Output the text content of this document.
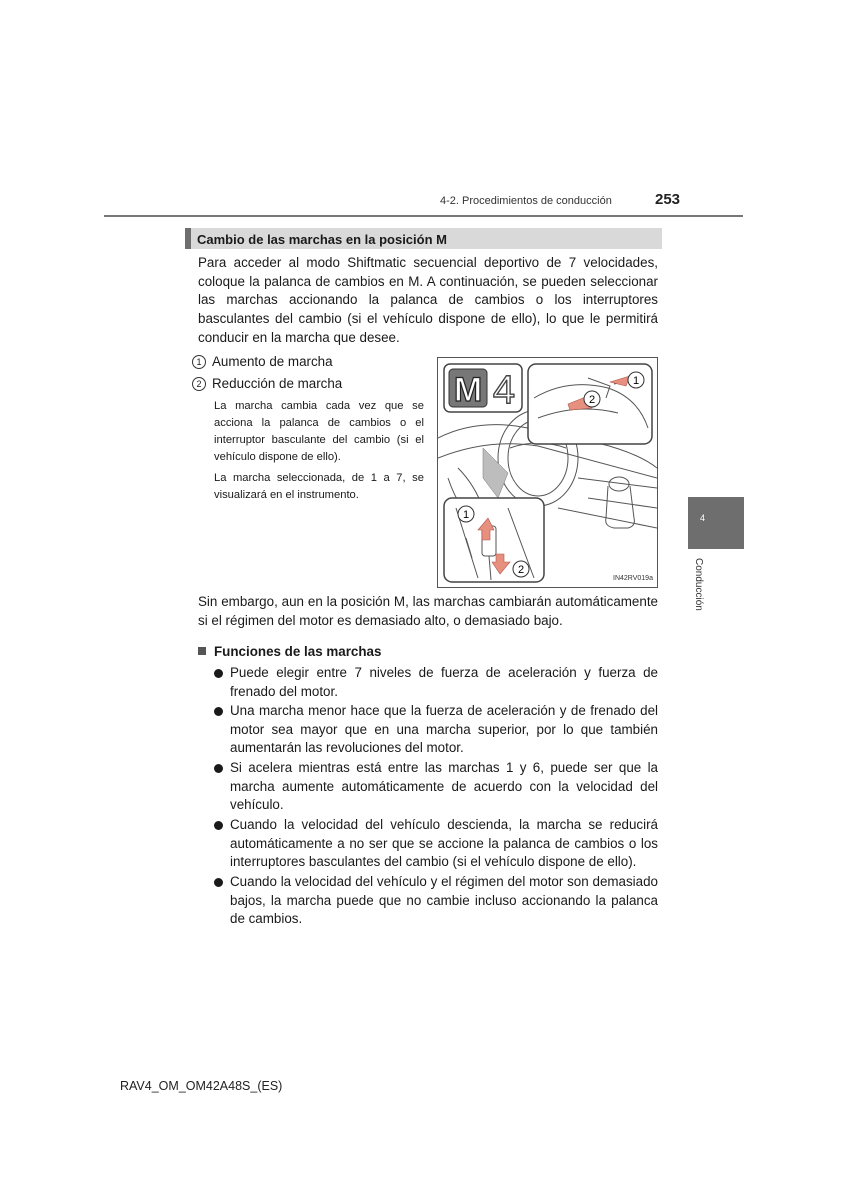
4-2. Procedimientos de conducción	253
Cambio de las marchas en la posición M
Para acceder al modo Shiftmatic secuencial deportivo de 7 velocidades, coloque la palanca de cambios en M. A continuación, se pueden seleccionar las marchas accionando la palanca de cambios o los interruptores basculantes del cambio (si el vehículo dispone de ello), lo que le permitirá conducir en la marcha que desee.
1 Aumento de marcha
2 Reducción de marcha
La marcha cambia cada vez que se acciona la palanca de cambios o el interruptor basculante del cambio (si el vehículo dispone de ello).
La marcha seleccionada, de 1 a 7, se visualizará en el instrumento.
M 4	2
1
1
2
IN42RV019a
Sin embargo, aun en la posición M, las marchas cambiarán automáticamente si el régimen del motor es demasiado alto, o demasiado bajo.
Funciones de las marchas
Puede elegir entre 7 niveles de fuerza de aceleración y fuerza de frenado del motor.
Una marcha menor hace que la fuerza de aceleración y de frenado del motor sea mayor que en una marcha superior, por lo que también aumentarán las revoluciones del motor.
Si acelera mientras está entre las marchas 1 y 6, puede ser que la marcha aumente automáticamente de acuerdo con la velocidad del vehículo.
Cuando la velocidad del vehículo descienda, la marcha se reducirá automáticamente a no ser que se accione la palanca de cambios o los interruptores basculantes del cambio (si el vehículo dispone de ello).
Cuando la velocidad del vehículo y el régimen del motor son demasiado bajos, la marcha puede que no cambie incluso accionando la palanca de cambios.
4
Conducción
RAV4_OM_OM42A48S_(ES)
